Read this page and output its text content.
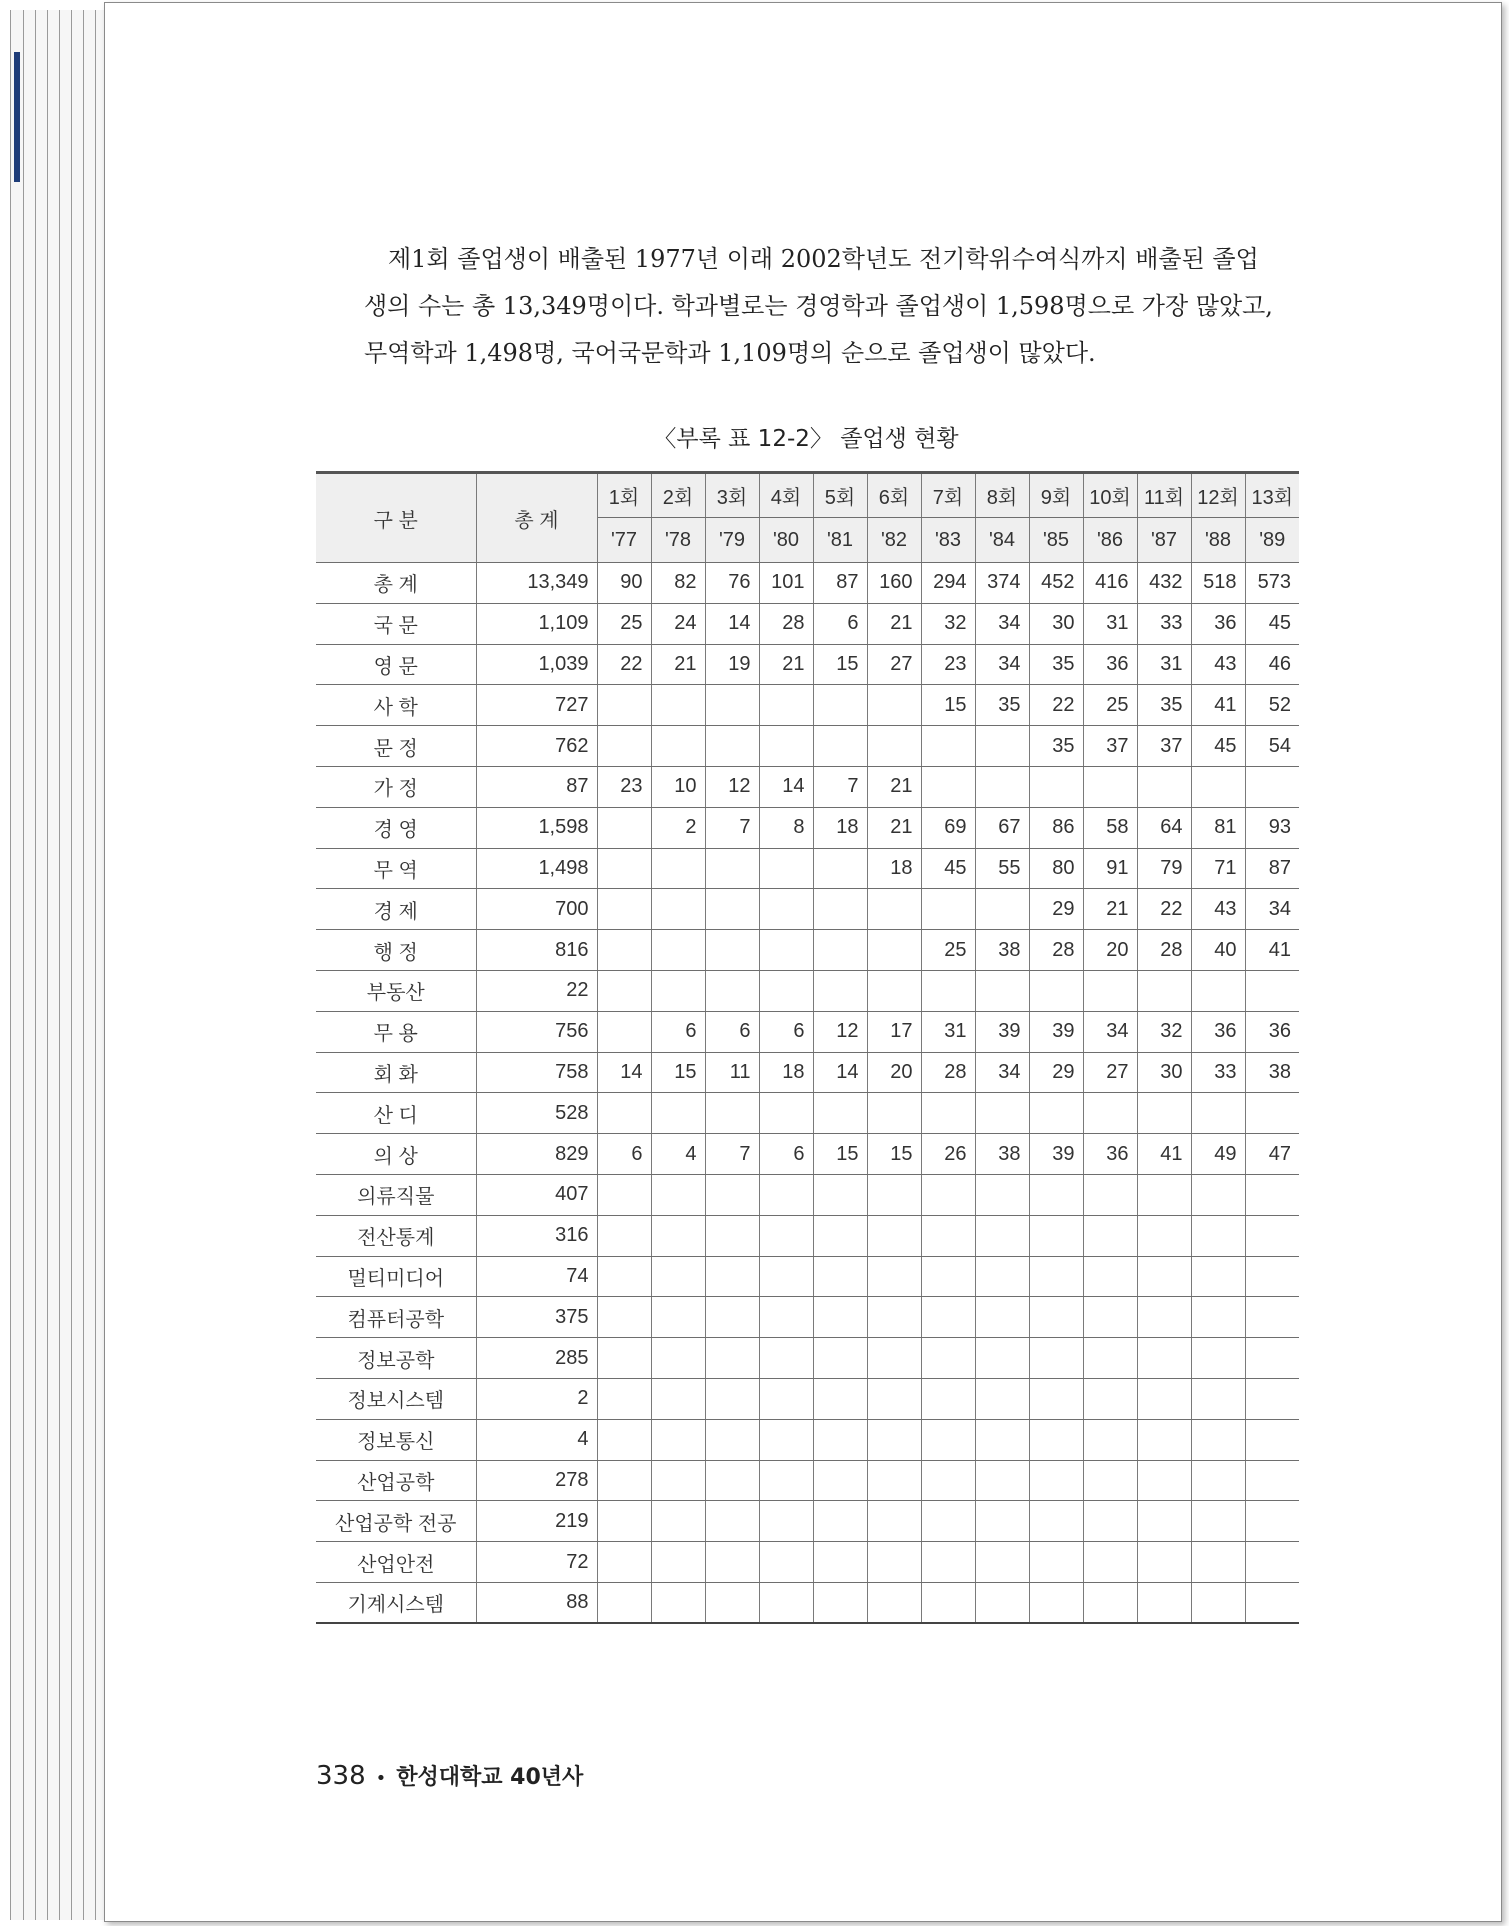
제1회 졸업생이 배출된 1977년 이래 2002학년도 전기학위수여식까지 배출된 졸업
생의 수는 총 13,349명이다. 학과별로는 경영학과 졸업생이 1,598명으로 가장 많았고,
무역학과 1,498명, 국어국문학과 1,109명의 순으로 졸업생이 많았다.
〈부록 표 12-2〉 졸업생 현황
구 분	총 계	1회	2회	3회	4회	5회	6회	7회	8회	9회	10회	11회	12회	13회
		'77	'78	'79	'80	'81	'82	'83	'84	'85	'86	'87	'88	'89
총 계	13,349	90	82	76	101	87	160	294	374	452	416	432	518	573
국 문	1,109	25	24	14	28	6	21	32	34	30	31	33	36	45
영 문	1,039	22	21	19	21	15	27	23	34	35	36	31	43	46
사 학	727							15	35	22	25	35	41	52
문 정	762									35	37	37	45	54
가 정	87	23	10	12	14	7	21							
경 영	1,598		2	7	8	18	21	69	67	86	58	64	81	93
무 역	1,498						18	45	55	80	91	79	71	87
경 제	700									29	21	22	43	34
행 정	816							25	38	28	20	28	40	41
부동산	22													
무 용	756		6	6	6	12	17	31	39	39	34	32	36	36
회 화	758	14	15	11	18	14	20	28	34	29	27	30	33	38
산 디	528													
의 상	829	6	4	7	6	15	15	26	38	39	36	41	49	47
의류직물	407													
전산통계	316													
멀티미디어	74													
컴퓨터공학	375													
정보공학	285													
정보시스템	2													
정보통신	4													
산업공학	278													
산업공학 전공	219													
산업안전	72													
기계시스템	88													
338 • 한성대학교 40년사
